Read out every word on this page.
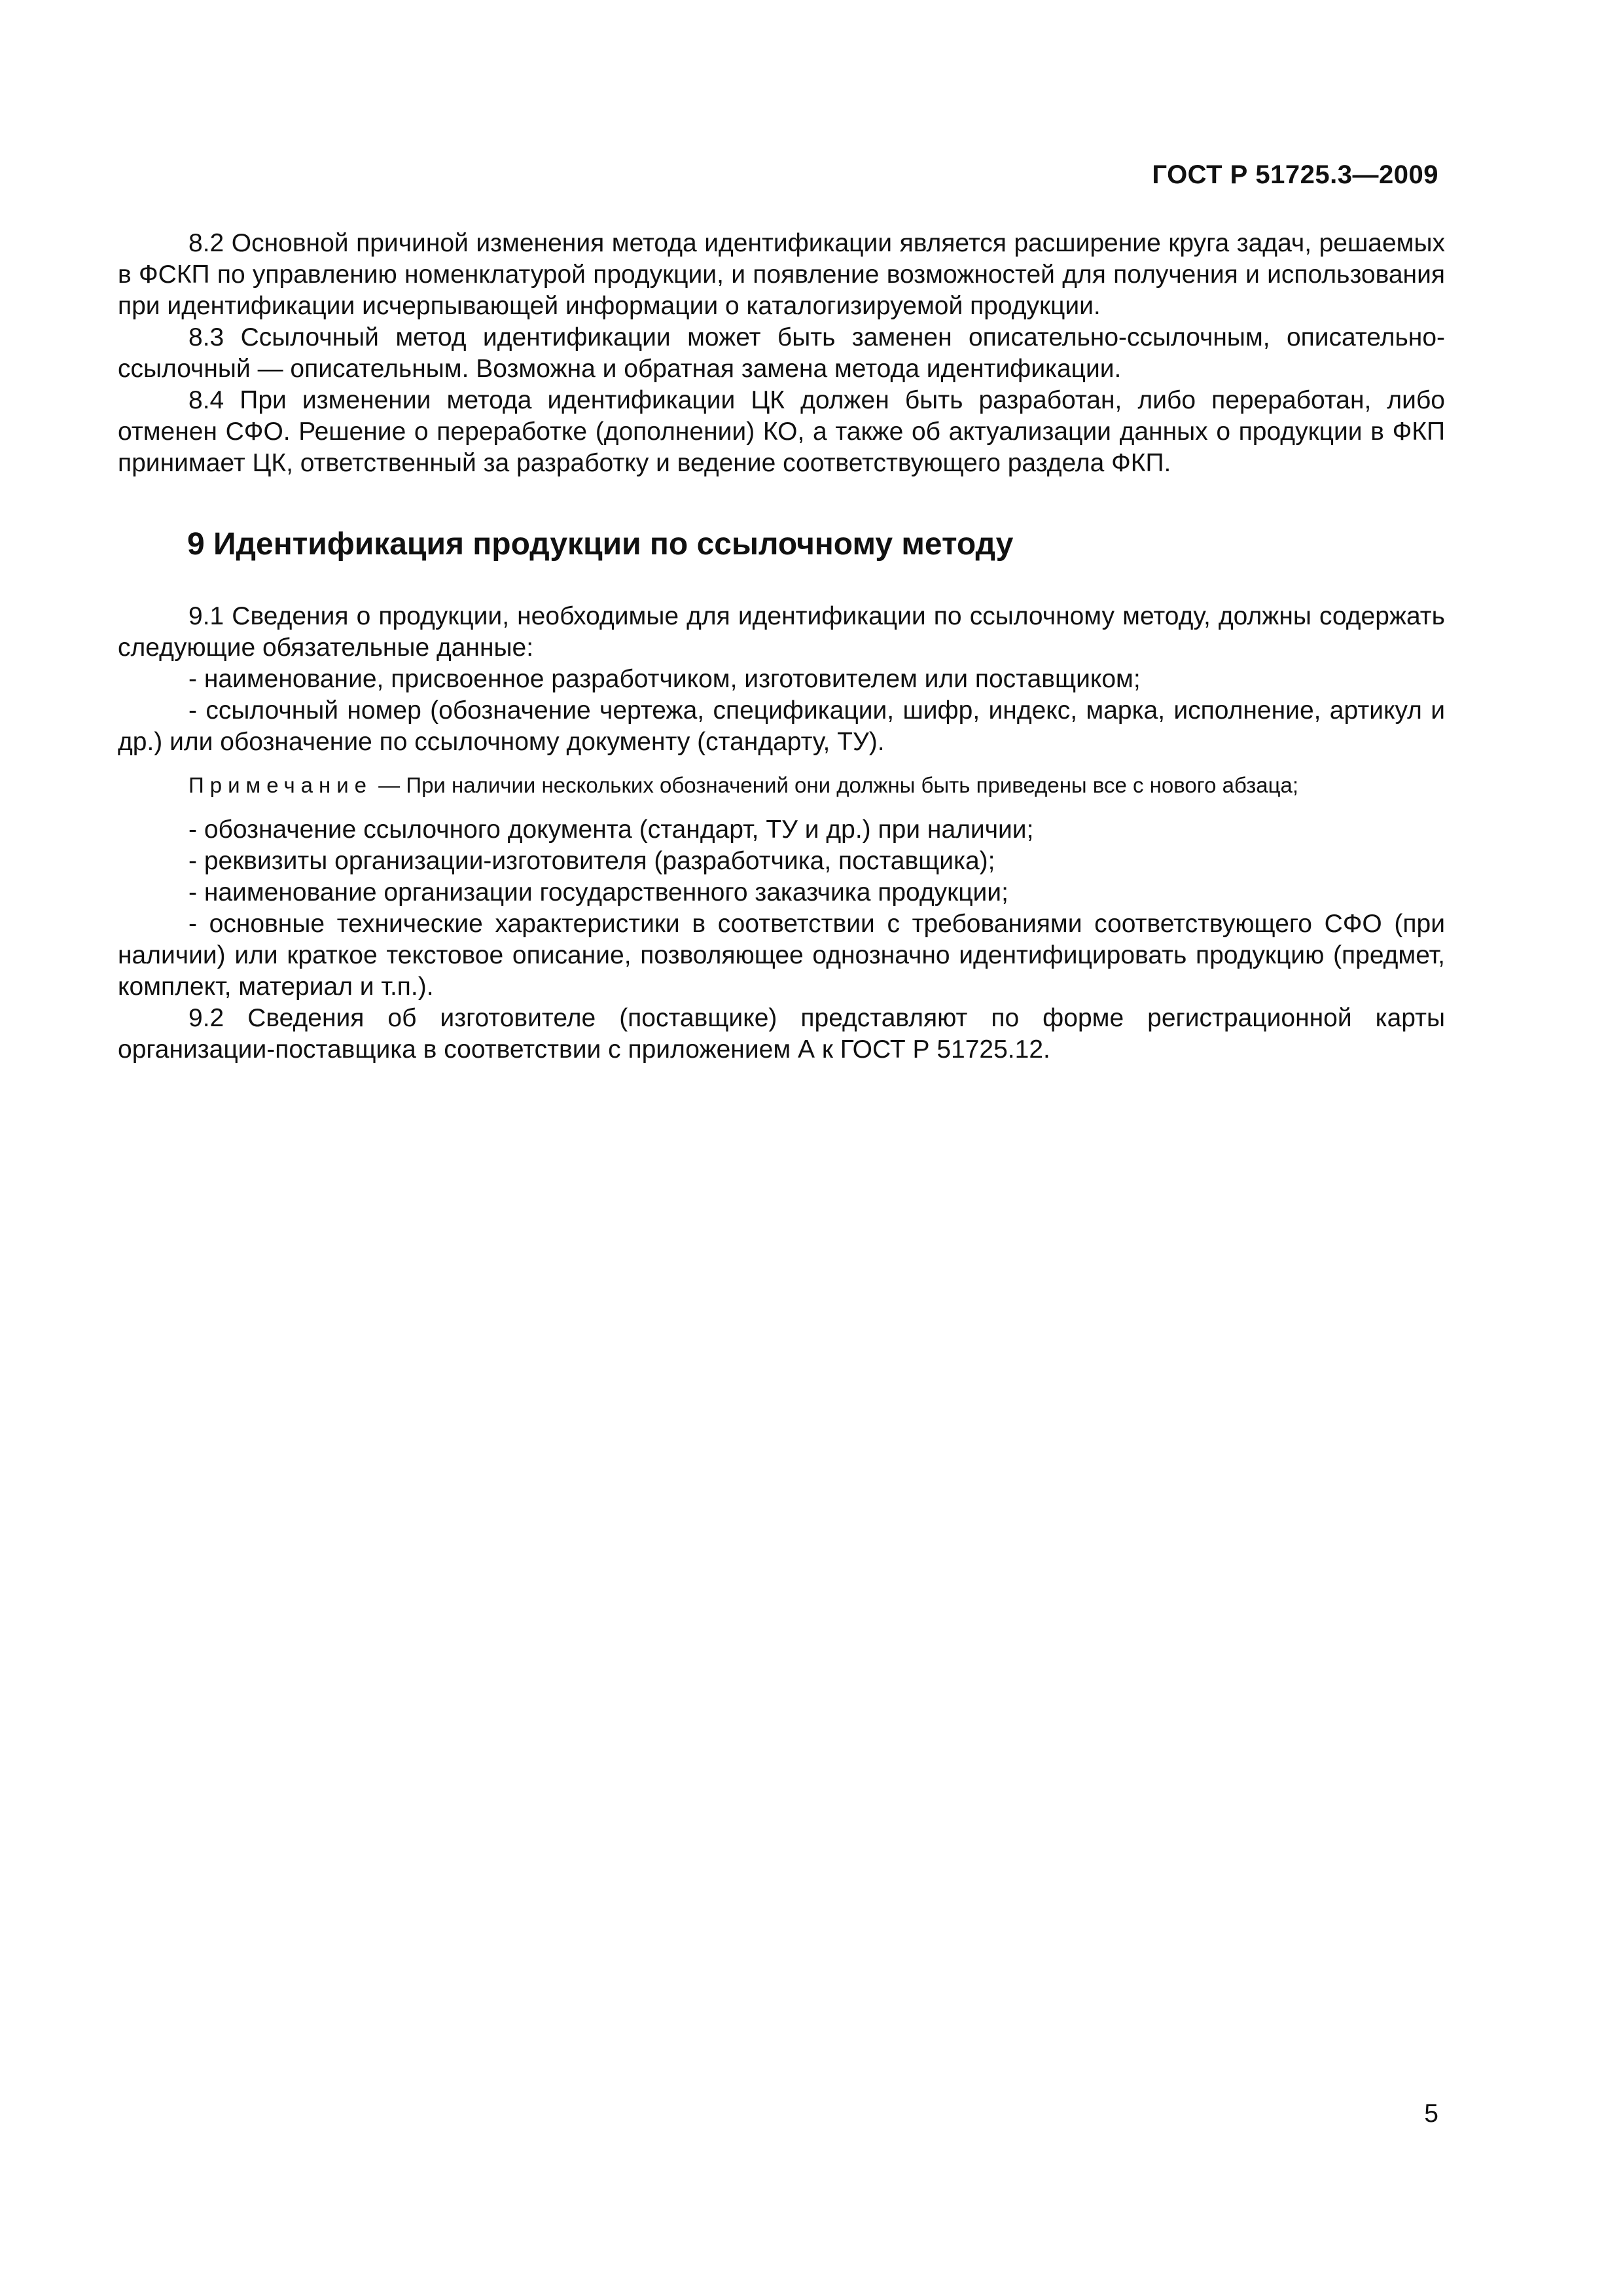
ГОСТ Р 51725.3—2009

8.2 Основной причиной изменения метода идентификации является расширение круга задач, решаемых в ФСКП по управлению номенклатурой продукции, и появление возможностей для получения и использования при идентификации исчерпывающей информации о каталогизируемой продукции.

8.3 Ссылочный метод идентификации может быть заменен описательно-ссылочным, описательно-ссылочный — описательным. Возможна и обратная замена метода идентификации.

8.4 При изменении метода идентификации ЦК должен быть разработан, либо переработан, либо отменен СФО. Решение о переработке (дополнении) КО, а также об актуализации данных о продукции в ФКП принимает ЦК, ответственный за разработку и ведение соответствующего раздела ФКП.

9 Идентификация продукции по ссылочному методу

9.1 Сведения о продукции, необходимые для идентификации по ссылочному методу, должны содержать следующие обязательные данные:

- наименование, присвоенное разработчиком, изготовителем или поставщиком;

- ссылочный номер (обозначение чертежа, спецификации, шифр, индекс, марка, исполнение, артикул и др.) или обозначение по ссылочному документу (стандарту, ТУ).

Примечание — При наличии нескольких обозначений они должны быть приведены все с нового абзаца;

- обозначение ссылочного документа (стандарт, ТУ и др.) при наличии;

- реквизиты организации-изготовителя (разработчика, поставщика);

- наименование организации государственного заказчика продукции;

- основные технические характеристики в соответствии с требованиями соответствующего СФО (при наличии) или краткое текстовое описание, позволяющее однозначно идентифицировать продукцию (предмет, комплект, материал и т.п.).

9.2 Сведения об изготовителе (поставщике) представляют по форме регистрационной карты организации-поставщика в соответствии с приложением А к ГОСТ Р 51725.12.

5
